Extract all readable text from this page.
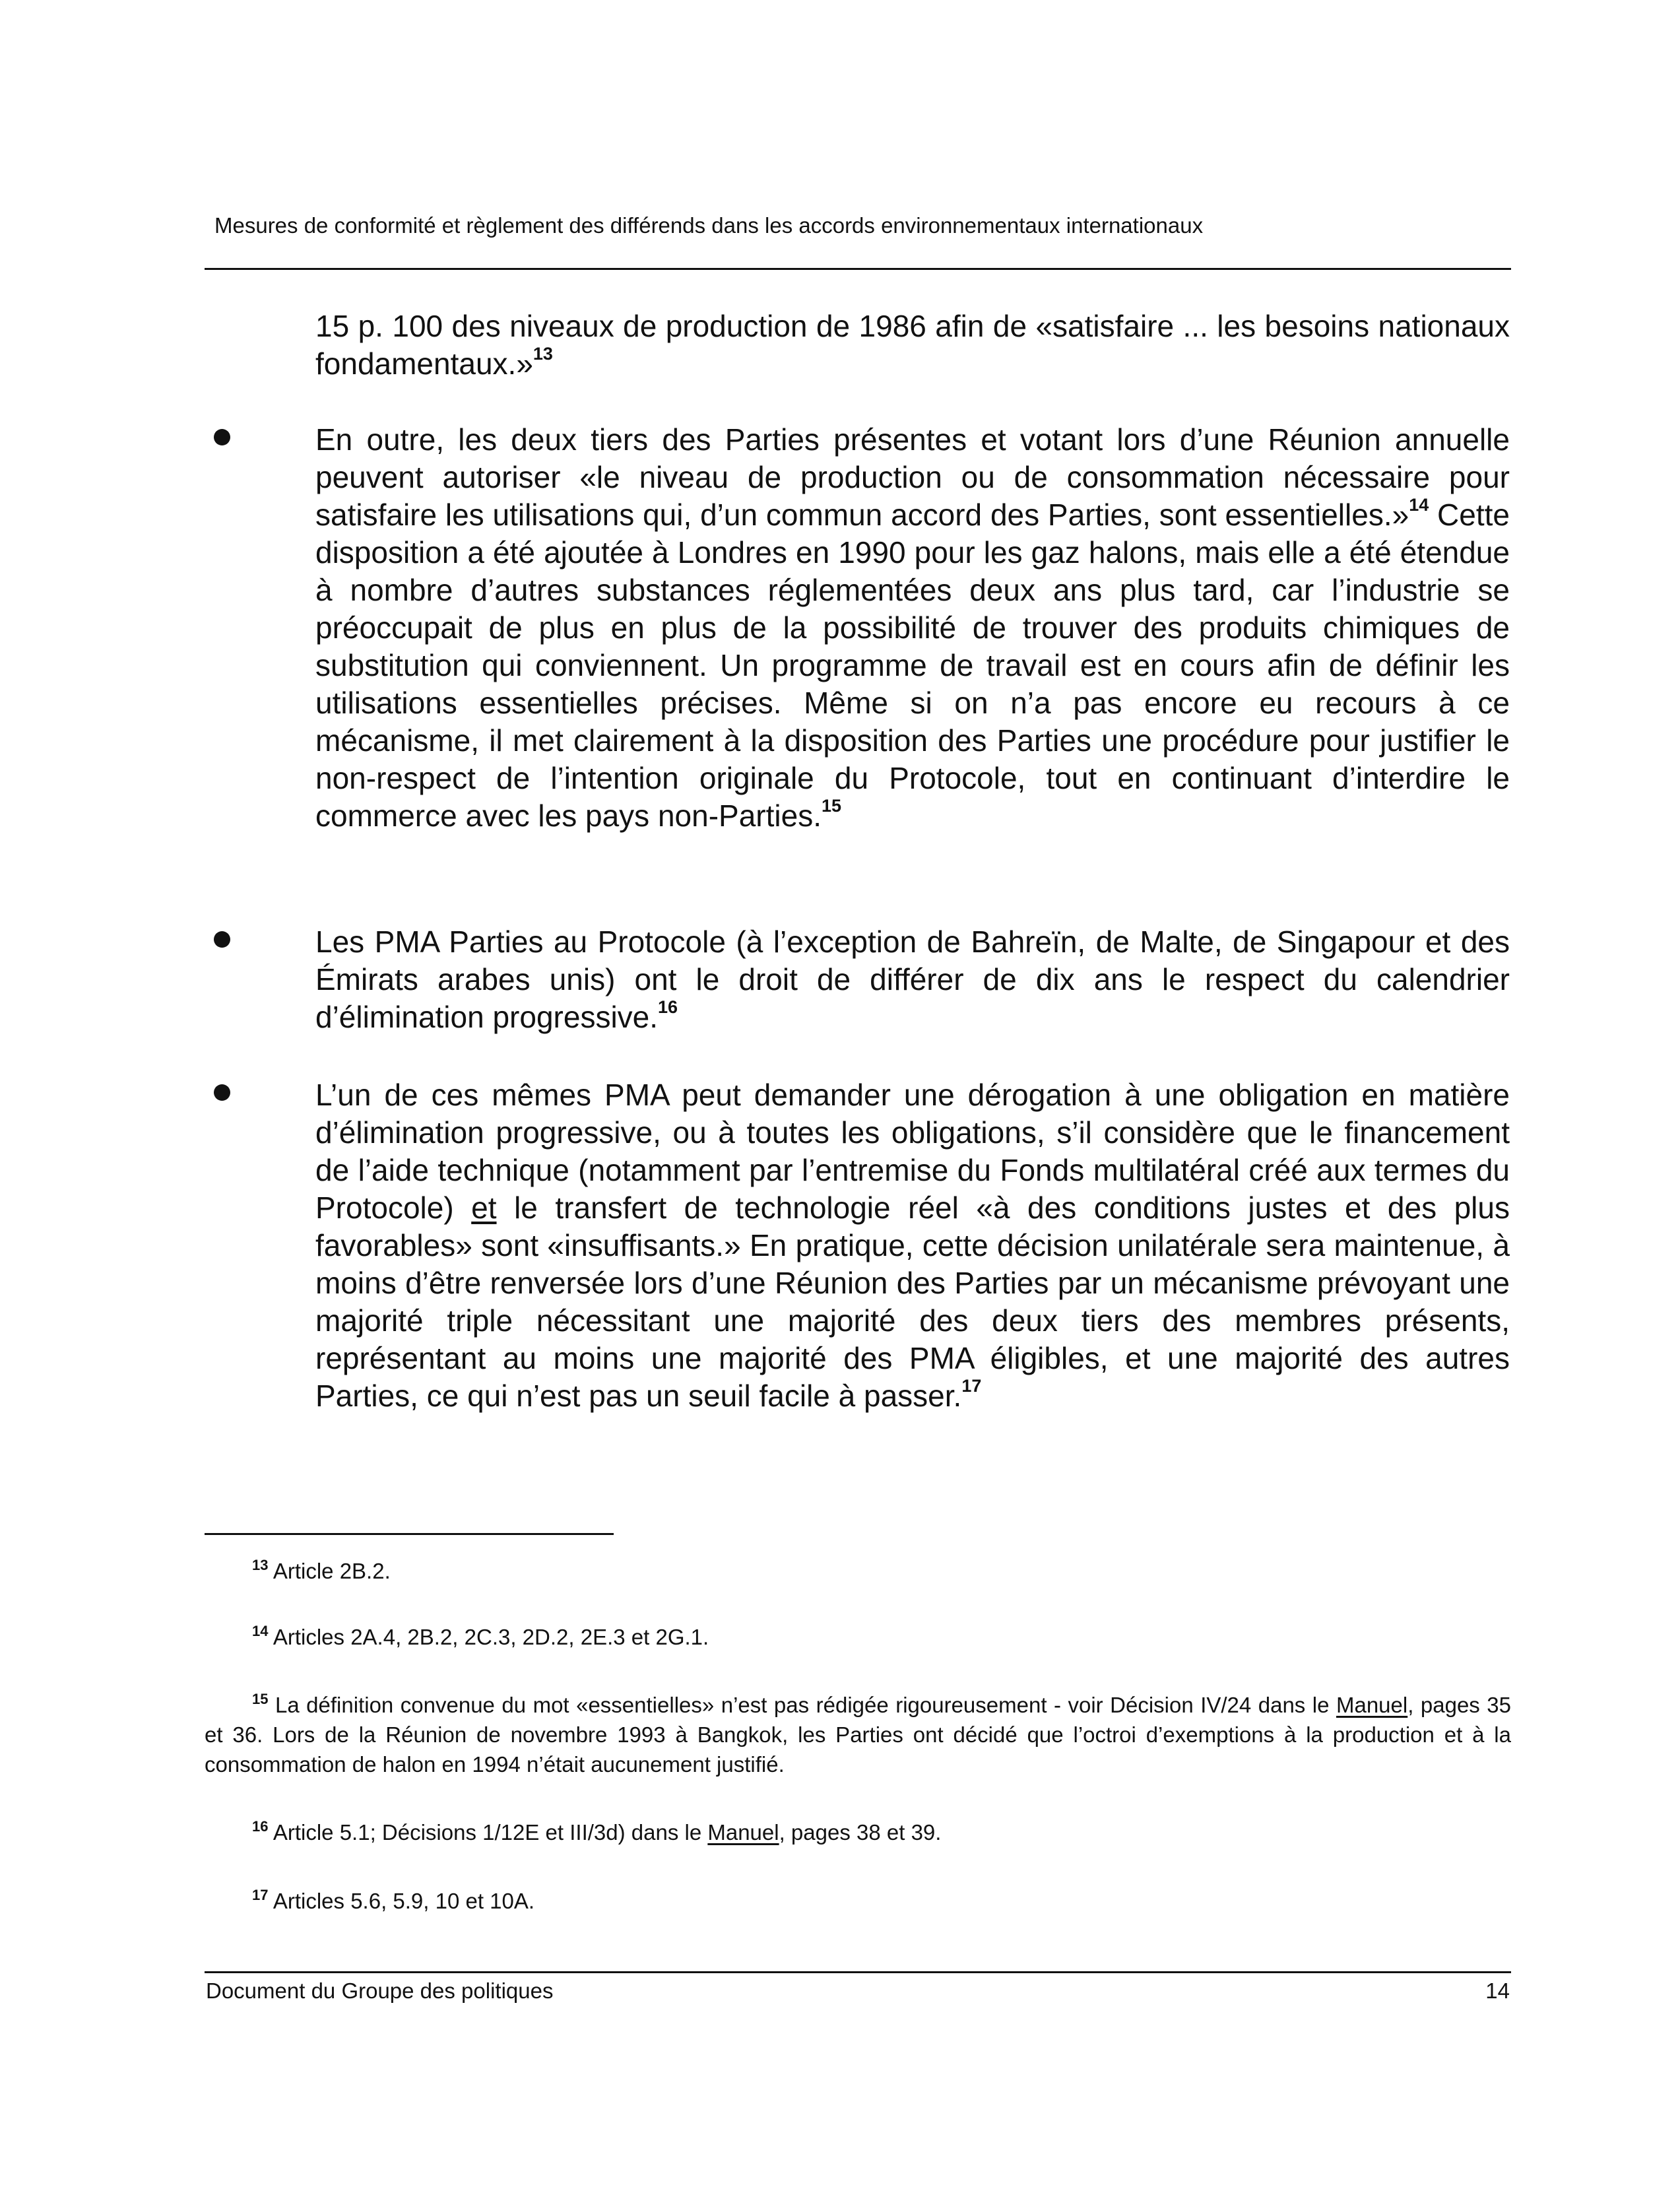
Mesures de conformité et règlement des différends dans les accords environnementaux internationaux
15 p. 100 des niveaux de production de 1986 afin de «satisfaire ... les besoins nationaux fondamentaux.»$^{13}$
En outre, les deux tiers des Parties présentes et votant lors d’une Réunion annuelle peuvent autoriser «le niveau de production ou de consommation nécessaire pour satisfaire les utilisations qui, d’un commun accord des Parties, sont essentielles.»$^{14}$ Cette disposition a été ajoutée à Londres en 1990 pour les gaz halons, mais elle a été étendue à nombre d’autres substances réglementées deux ans plus tard, car l’industrie se préoccupait de plus en plus de la possibilité de trouver des produits chimiques de substitution qui conviennent. Un programme de travail est en cours afin de définir les utilisations essentielles précises. Même si on n’a pas encore eu recours à ce mécanisme, il met clairement à la disposition des Parties une procédure pour justifier le non-respect de l’intention originale du Protocole, tout en continuant d’interdire le commerce avec les pays non-Parties.$^{15}$
Les PMA Parties au Protocole (à l’exception de Bahreïn, de Malte, de Singapour et des Émirats arabes unis) ont le droit de différer de dix ans le respect du calendrier d’élimination progressive.$^{16}$
L’un de ces mêmes PMA peut demander une dérogation à une obligation en matière d’élimination progressive, ou à toutes les obligations, s’il considère que le financement de l’aide technique (notamment par l’entremise du Fonds multilatéral créé aux termes du Protocole) et le transfert de technologie réel «à des conditions justes et des plus favorables» sont «insuffisants.» En pratique, cette décision unilatérale sera maintenue, à moins d’être renversée lors d’une Réunion des Parties par un mécanisme prévoyant une majorité triple nécessitant une majorité des deux tiers des membres présents, représentant au moins une majorité des PMA éligibles, et une majorité des autres Parties, ce qui n’est pas un seuil facile à passer.$^{17}$
$^{13}$ Article 2B.2.
$^{14}$ Articles 2A.4, 2B.2, 2C.3, 2D.2, 2E.3 et 2G.1.
$^{15}$ La définition convenue du mot «essentielles» n’est pas rédigée rigoureusement - voir Décision IV/24 dans le Manuel, pages 35 et 36. Lors de la Réunion de novembre 1993 à Bangkok, les Parties ont décidé que l’octroi d’exemptions à la production et à la consommation de halon en 1994 n’était aucunement justifié.
$^{16}$ Article 5.1; Décisions 1/12E et III/3d) dans le Manuel, pages 38 et 39.
$^{17}$ Articles 5.6, 5.9, 10 et 10A.
Document du Groupe des politiques	14
